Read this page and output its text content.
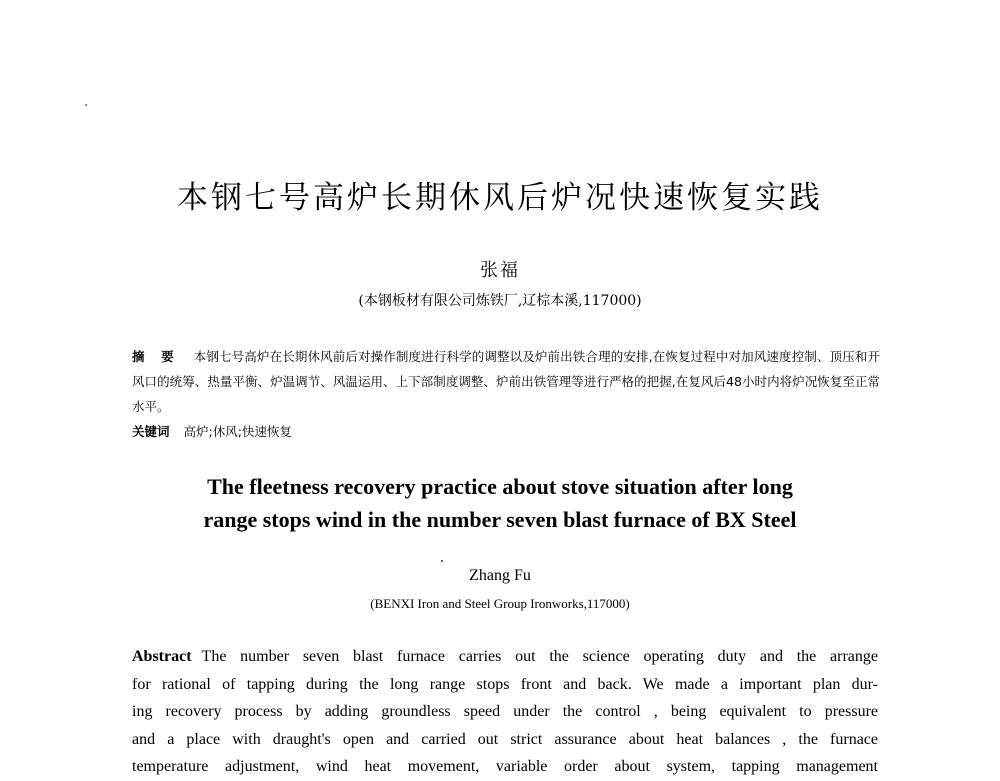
本钢七号高炉长期休风后炉况快速恢复实践
张福
(本钢板材有限公司炼铁厂,辽棕本溪,117000)
摘 要 本钢七号高炉在长期休风前后对操作制度进行科学的调整以及炉前出铁合理的安排,在恢复过程中对加风速度控制、顶压和开风口的统筹、热量平衡、炉温调节、风温运用、上下部制度调整、炉前出铁管理等进行严格的把握,在复风后48小时内将炉况恢复至正常水平。
关键词 高炉;休风;快速恢复
The fleetness recovery practice about stove situation after long
range stops wind in the number seven blast furnace of BX Steel
Zhang Fu
(BENXI Iron and Steel Group Ironworks,117000)
Abstract The number seven blast furnace carries out the science operating duty and the arrange
for rational of tapping during the long range stops front and back. We made a important plan dur-
ing recovery process by adding groundless speed under the control , being equivalent to pressure
and a place with draught's open and carried out strict assurance about heat balances , the furnace
temperature adjustment, wind heat movement, variable order about system, tapping management
